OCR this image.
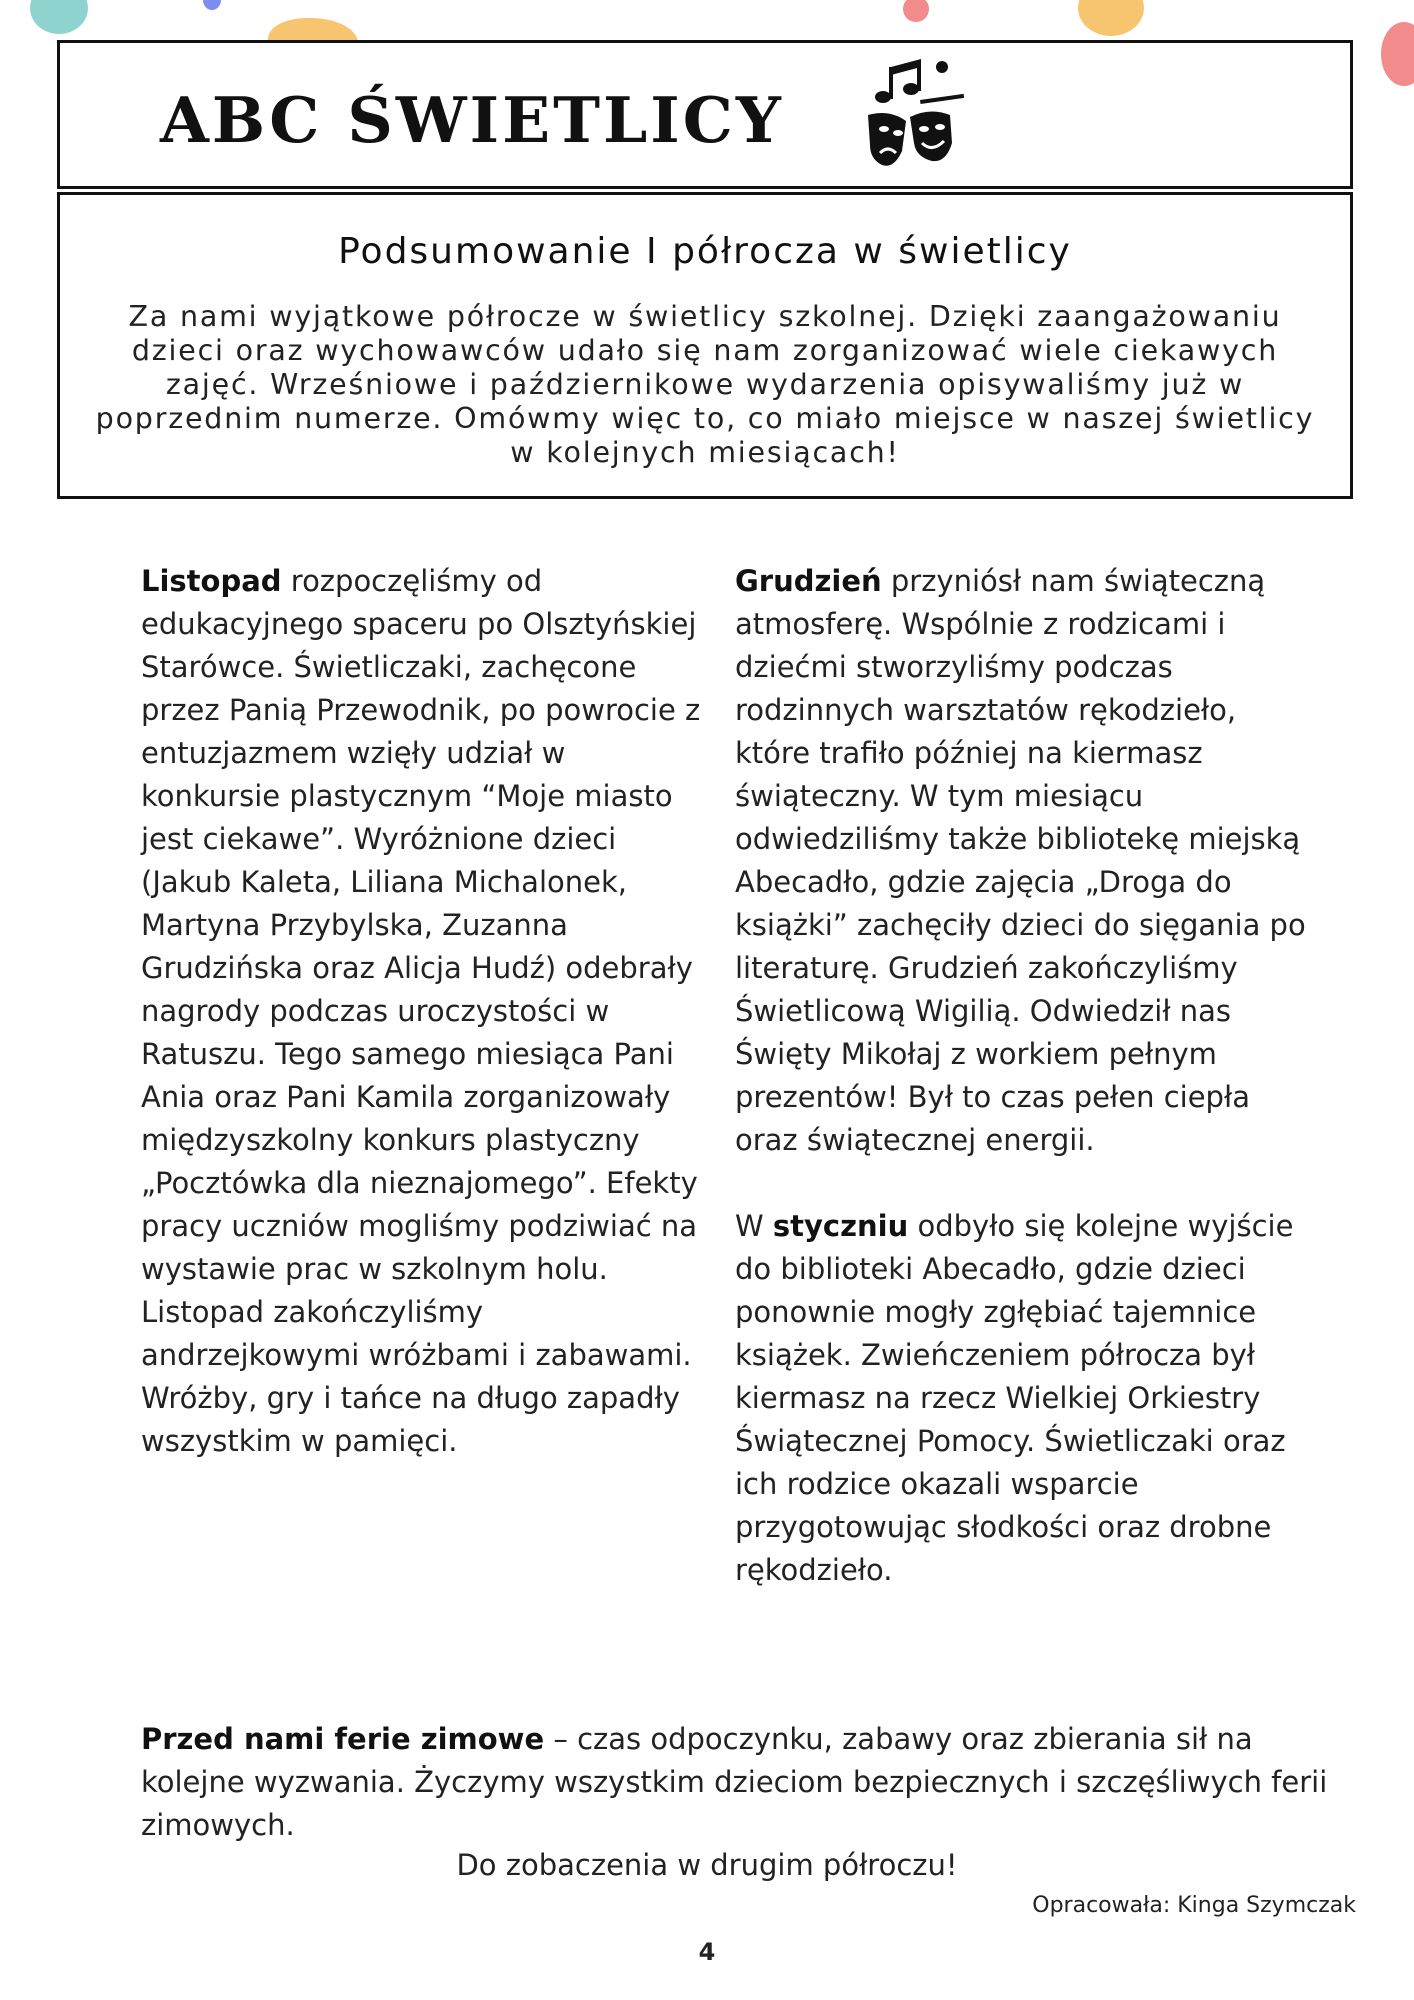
ABC ŚWIETLICY
Podsumowanie I półrocza w świetlicy
Za nami wyjątkowe półrocze w świetlicy szkolnej. Dzięki zaangażowaniu dzieci oraz wychowawców udało się nam zorganizować wiele ciekawych zajęć. Wrześniowe i październikowe wydarzenia opisywaliśmy już w poprzednim numerze. Omówmy więc to, co miało miejsce w naszej świetlicy w kolejnych miesiącach!

Listopad rozpoczęliśmy od edukacyjnego spaceru po Olsztyńskiej Starówce. Świetliczaki, zachęcone przez Panią Przewodnik, po powrocie z entuzjazmem wzięły udział w konkursie plastycznym “Moje miasto jest ciekawe”. Wyróżnione dzieci (Jakub Kaleta, Liliana Michalonek, Martyna Przybylska, Zuzanna Grudzińska oraz Alicja Hudź) odebrały nagrody podczas uroczystości w Ratuszu. Tego samego miesiąca Pani Ania oraz Pani Kamila zorganizowały międzyszkolny konkurs plastyczny „Pocztówka dla nieznajomego”. Efekty pracy uczniów mogliśmy podziwiać na wystawie prac w szkolnym holu. Listopad zakończyliśmy andrzejkowymi wróżbami i zabawami. Wróżby, gry i tańce na długo zapadły wszystkim w pamięci.

Grudzień przyniósł nam świąteczną atmosferę. Wspólnie z rodzicami i dziećmi stworzyliśmy podczas rodzinnych warsztatów rękodzieło, które trafiło później na kiermasz świąteczny. W tym miesiącu odwiedziliśmy także bibliotekę miejską Abecadło, gdzie zajęcia „Droga do książki” zachęciły dzieci do sięgania po literaturę. Grudzień zakończyliśmy Świetlicową Wigilią. Odwiedził nas Święty Mikołaj z workiem pełnym prezentów! Był to czas pełen ciepła oraz świątecznej energii.

W styczniu odbyło się kolejne wyjście do biblioteki Abecadło, gdzie dzieci ponownie mogły zgłębiać tajemnice książek. Zwieńczeniem półrocza był kiermasz na rzecz Wielkiej Orkiestry Świątecznej Pomocy. Świetliczaki oraz ich rodzice okazali wsparcie przygotowując słodkości oraz drobne rękodzieło.

Przed nami ferie zimowe – czas odpoczynku, zabawy oraz zbierania sił na kolejne wyzwania. Życzymy wszystkim dzieciom bezpiecznych i szczęśliwych ferii zimowych.

Do zobaczenia w drugim półroczu!
Opracowała: Kinga Szymczak
4
